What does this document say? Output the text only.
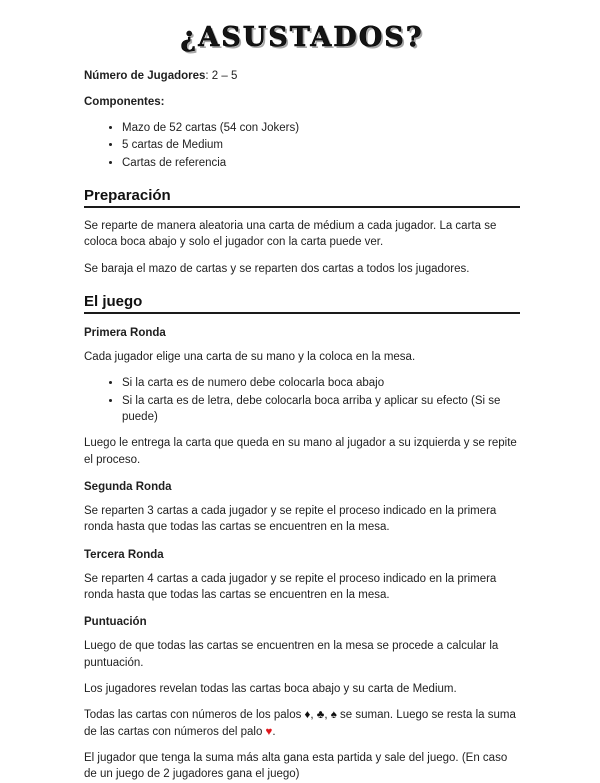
¿ASUSTADOS?
Número de Jugadores: 2 – 5
Componentes:
• Mazo de 52 cartas (54 con Jokers)
• 5 cartas de Medium
• Cartas de referencia
Preparación

Se reparte de manera aleatoria una carta de médium a cada jugador. La carta se coloca boca abajo y solo el jugador con la carta puede ver.

Se baraja el mazo de cartas y se reparten dos cartas a todos los jugadores.

El juego
Primera Ronda

Cada jugador elige una carta de su mano y la coloca en la mesa.

• Si la carta es de numero debe colocarla boca abajo
• Si la carta es de letra, debe colocarla boca arriba y aplicar su efecto (Si se puede)

Luego le entrega la carta que queda en su mano al jugador a su izquierda y se repite el proceso.

Segunda Ronda

Se reparten 3 cartas a cada jugador y se repite el proceso indicado en la primera ronda hasta que todas las cartas se encuentren en la mesa.

Tercera Ronda

Se reparten 4 cartas a cada jugador y se repite el proceso indicado en la primera ronda hasta que todas las cartas se encuentren en la mesa.

Puntuación

Luego de que todas las cartas se encuentren en la mesa se procede a calcular la puntuación.

Los jugadores revelan todas las cartas boca abajo y su carta de Medium.

Todas las cartas con números de los palos ♦, ♣, ♠ se suman. Luego se resta la suma de las cartas con números del palo ♥.

El jugador que tenga la suma más alta gana esta partida y sale del juego. (En caso de un juego de 2 jugadores gana el juego)
